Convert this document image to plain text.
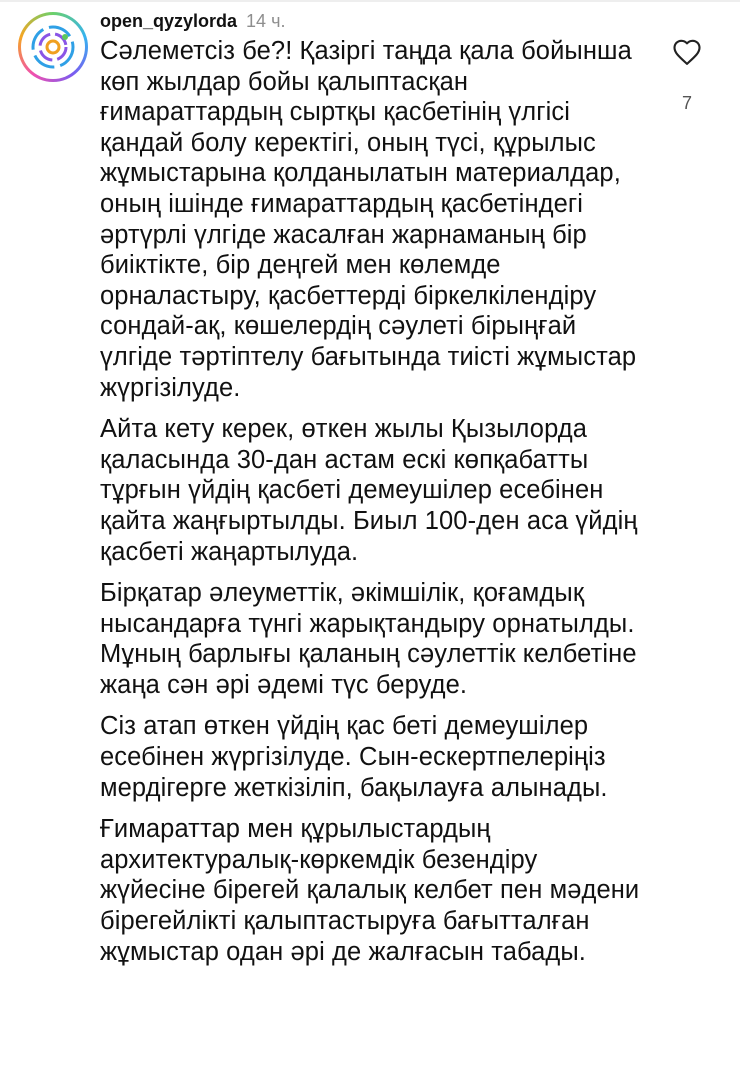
open_qyzylorda 14 ч.

Сәлеметсіз бе?! Қазіргі таңда қала бойынша көп жылдар бойы қалыптасқан ғимараттардың сыртқы қасбетінің үлгісі қандай болу керектігі, оның түсі, құрылыс жұмыстарына қолданылатын материалдар, оның ішінде ғимараттардың қасбетіндегі әртүрлі үлгіде жасалған жарнаманың бір биіктікте, бір деңгей мен көлемде орналастыру, қасбеттерді біркелкілендіру сондай-ақ, көшелердің сәулеті бірыңғай үлгіде тәртіптелу бағытында тиісті жұмыстар жүргізілуде.

Айта кету керек, өткен жылы Қызылорда қаласында 30-дан астам ескі көпқабатты тұрғын үйдің қасбеті демеушілер есебінен қайта жаңғыртылды. Биыл 100-ден аса үйдің қасбеті жаңартылуда.

Бірқатар әлеуметтік, әкімшілік, қоғамдық нысандарға түнгі жарықтандыру орнатылды. Мұның барлығы қаланың сәулеттік келбетіне жаңа сән әрі әдемі түс беруде.

Сіз атап өткен үйдің қас беті демеушілер есебінен жүргізілуде. Сын-ескертпелеріңіз мердігерге жеткізіліп, бақылауға алынады.

Ғимараттар мен құрылыстардың архитектуралық-көркемдік безендіру жүйесіне бірегей қалалық келбет пен мәдени бірегейлікті қалыптастыруға бағытталған жұмыстар одан әрі де жалғасын табады.

7
